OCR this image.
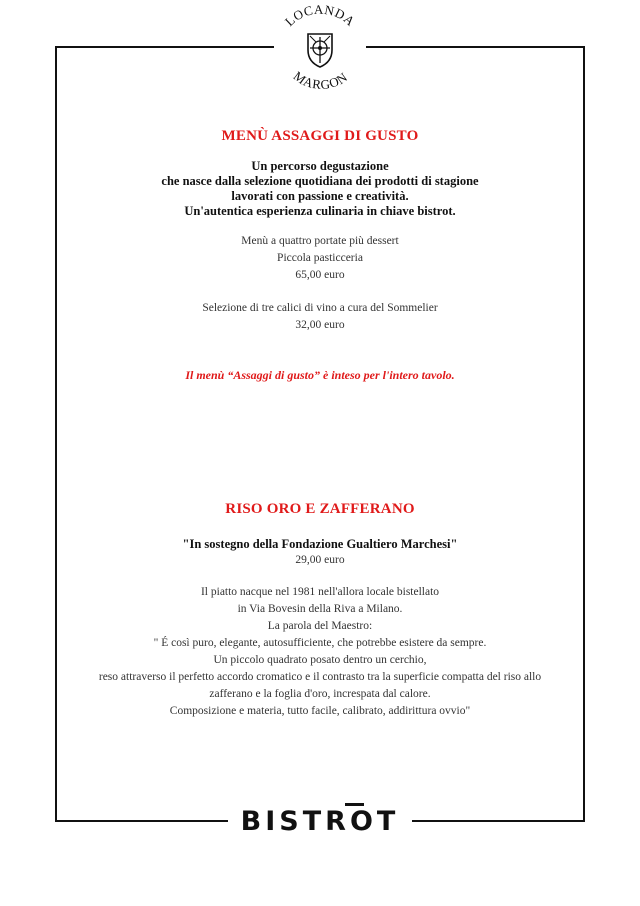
LOCANDA
MARGON
MENÙ ASSAGGI DI GUSTO
Un percorso degustazione
che nasce dalla selezione quotidiana dei prodotti di stagione
lavorati con passione e creatività.
Un'autentica esperienza culinaria in chiave bistrot.
Menù a quattro portate più dessert
Piccola pasticceria
65,00 euro
Selezione di tre calici di vino a cura del Sommelier
32,00 euro
Il menù “Assaggi di gusto” è inteso per l'intero tavolo.
RISO ORO E ZAFFERANO
"In sostegno della Fondazione Gualtiero Marchesi"
29,00 euro
Il piatto nacque nel 1981 nell'allora locale bistellato
in Via Bovesin della Riva a Milano.
La parola del Maestro:
" É così puro, elegante, autosufficiente, che potrebbe esistere da sempre.
Un piccolo quadrato posato dentro un cerchio,
reso attraverso il perfetto accordo cromatico e il contrasto tra la superficie compatta del riso allo
zafferano e la foglia d'oro, increspata dal calore.
Composizione e materia, tutto facile, calibrato, addirittura ovvio"
BISTROT
